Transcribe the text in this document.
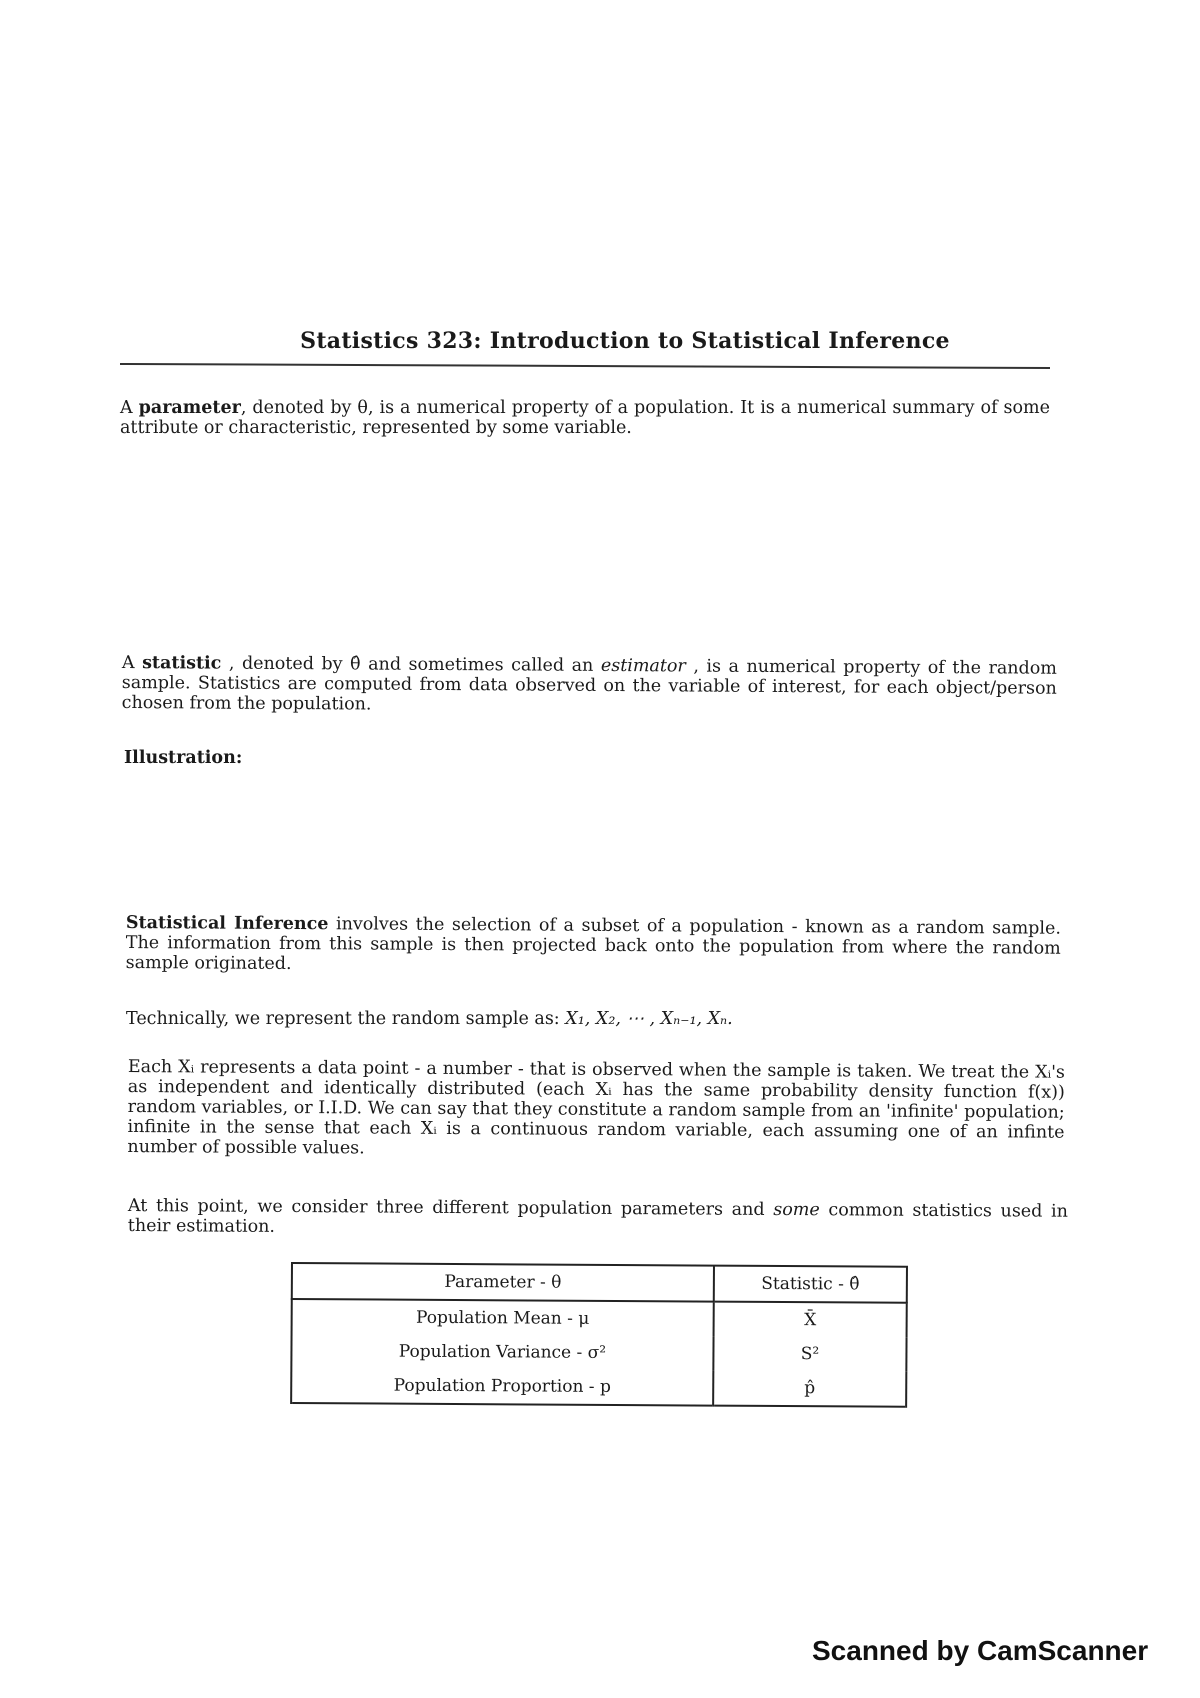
Statistics 323: Introduction to Statistical Inference
A parameter, denoted by θ, is a numerical property of a population. It is a numerical summary of some attribute or characteristic, represented by some variable.
A statistic , denoted by θ̂ and sometimes called an estimator , is a numerical property of the random sample. Statistics are computed from data observed on the variable of interest, for each object/person chosen from the population.
Illustration:
Statistical Inference involves the selection of a subset of a population - known as a random sample. The information from this sample is then projected back onto the population from where the random sample originated.
Technically, we represent the random sample as: X₁, X₂, ⋯ , Xₙ₋₁, Xₙ.
Each Xᵢ represents a data point - a number - that is observed when the sample is taken. We treat the Xᵢ's as independent and identically distributed (each Xᵢ has the same probability density function f(x)) random variables, or I.I.D. We can say that they constitute a random sample from an 'infinite' population; infinite in the sense that each Xᵢ is a continuous random variable, each assuming one of an infinte number of possible values.
At this point, we consider three different population parameters and some common statistics used in their estimation.
Parameter - θ	Statistic - θ̂
Population Mean - μ	X̄
Population Variance - σ²	S²
Population Proportion - p	p̂
Scanned by CamScanner
